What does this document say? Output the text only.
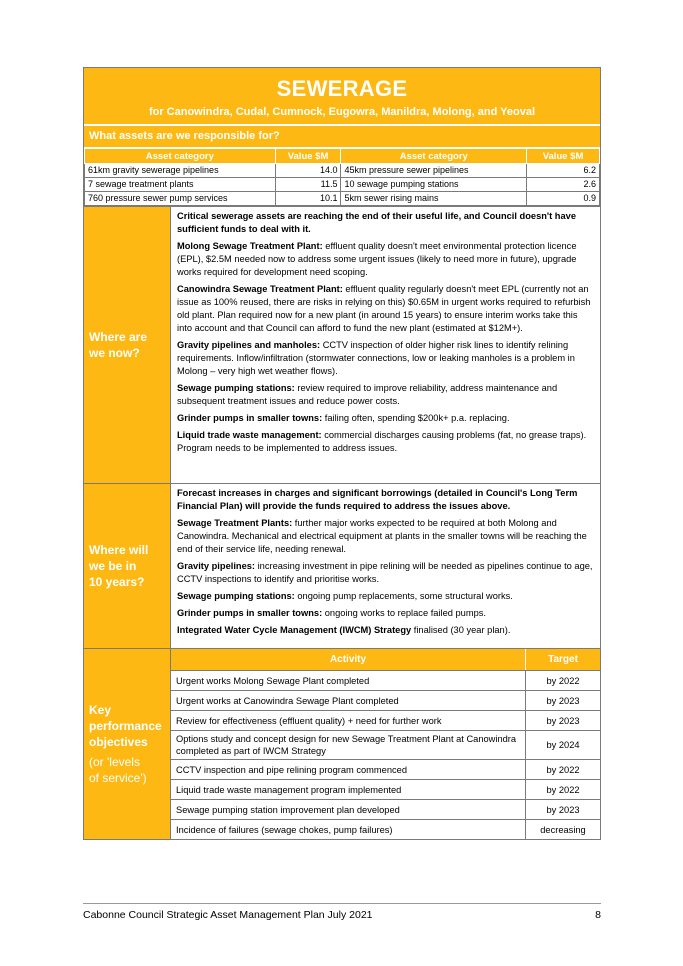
SEWERAGE
for Canowindra, Cudal, Cumnock, Eugowra, Manildra, Molong, and Yeoval
What assets are we responsible for?
Asset category	Value $M	Asset category	Value $M
61km gravity sewerage pipelines	14.0	45km pressure sewer pipelines	6.2
7 sewage treatment plants	11.5	10 sewage pumping stations	2.6
760 pressure sewer pump services	10.1	5km sewer rising mains	0.9
Where are
we now?

Critical sewerage assets are reaching the end of their useful life, and Council doesn't have sufficient funds to deal with it.

Molong Sewage Treatment Plant: effluent quality doesn't meet environmental protection licence (EPL), $2.5M needed now to address some urgent issues (likely to need more in future), upgrade works required for development need scoping.

Canowindra Sewage Treatment Plant: effluent quality regularly doesn't meet EPL (currently not an issue as 100% reused, there are risks in relying on this) $0.65M in urgent works required to refurbish old plant. Plan required now for a new plant (in around 15 years) to ensure interim works take this into account and that Council can afford to fund the new plant (estimated at $12M+).

Gravity pipelines and manholes: CCTV inspection of older higher risk lines to identify relining requirements. Inflow/infiltration (stormwater connections, low or leaking manholes is a problem in Molong – very high wet weather flows).

Sewage pumping stations: review required to improve reliability, address maintenance and subsequent treatment issues and reduce power costs.

Grinder pumps in smaller towns: failing often, spending $200k+ p.a. replacing.

Liquid trade waste management: commercial discharges causing problems (fat, no grease traps). Program needs to be implemented to address issues.

Where will
we be in
10 years?

Forecast increases in charges and significant borrowings (detailed in Council's Long Term Financial Plan) will provide the funds required to address the issues above.

Sewage Treatment Plants: further major works expected to be required at both Molong and Canowindra. Mechanical and electrical equipment at plants in the smaller towns will be reaching the end of their service life, needing renewal.

Gravity pipelines: increasing investment in pipe relining will be needed as pipelines continue to age, CCTV inspections to identify and prioritise works.

Sewage pumping stations: ongoing pump replacements, some structural works.

Grinder pumps in smaller towns: ongoing works to replace failed pumps.

Integrated Water Cycle Management (IWCM) Strategy finalised (30 year plan).

Key
performance
objectives
(or 'levels
of service')
Activity	Target
Urgent works Molong Sewage Plant completed	by 2022
Urgent works at Canowindra Sewage Plant completed	by 2023
Review for effectiveness (effluent quality) + need for further work	by 2023
Options study and concept design for new Sewage Treatment Plant at Canowindra completed as part of IWCM Strategy	by 2024
CCTV inspection and pipe relining program commenced	by 2022
Liquid trade waste management program implemented	by 2022
Sewage pumping station improvement plan developed	by 2023
Incidence of failures (sewage chokes, pump failures)	decreasing
Cabonne Council Strategic Asset Management Plan July 2021	8
